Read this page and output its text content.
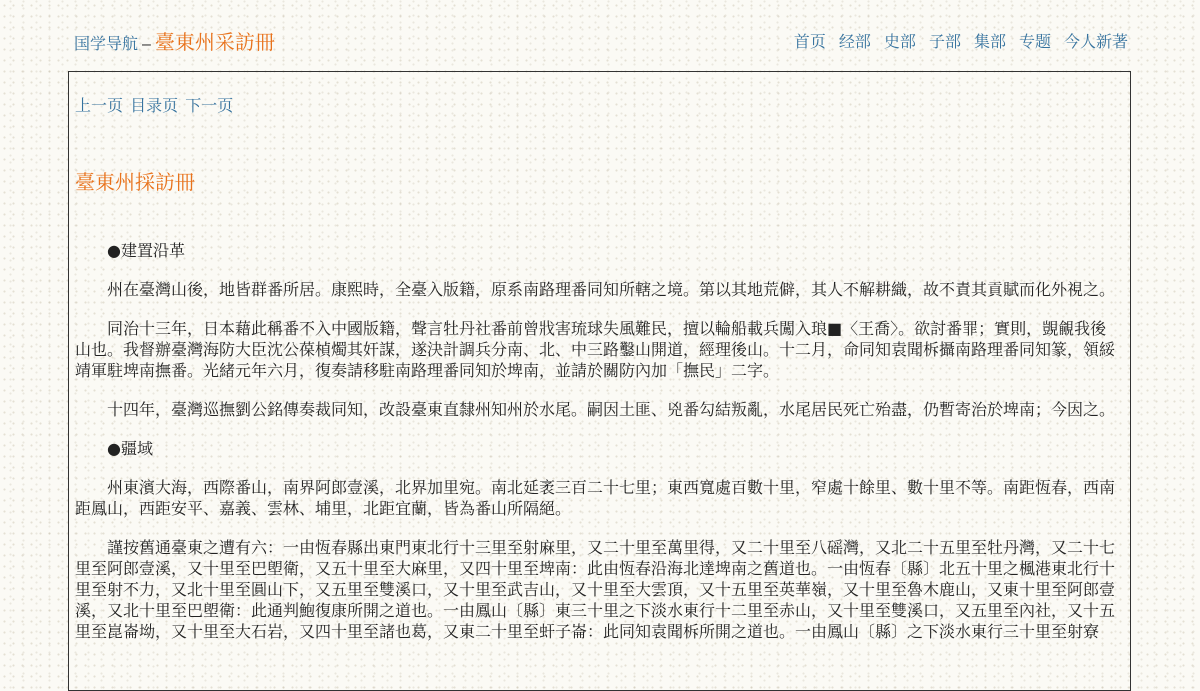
国学导航 – 臺東州采訪冊	首页 经部 史部 子部 集部 专题 今人新著
上一页 目录页 下一页
臺東州採訪冊

●建置沿革

州在臺灣山後，地皆群番所居。康熙時，全臺入版籍，原系南路理番同知所轄之境。第以其地荒僻，其人不解耕織，故不責其貢賦而化外視之。

同治十三年，日本藉此稱番不入中國版籍，聲言牡丹社番前曾戕害琉球失風難民，擅以輪船載兵闖入琅■〈王喬〉。欲討番罪；實則，覬覦我後山也。我督辦臺灣海防大臣沈公葆楨燭其奸謀，遂決計調兵分南、北、中三路鑿山開道，經理後山。十二月，命同知袁聞柝攝南路理番同知篆，領綏靖軍駐埤南撫番。光緒元年六月，復奏請移駐南路理番同知於埤南，並請於關防內加「撫民」二字。

十四年，臺灣巡撫劉公銘傳奏裁同知，改設臺東直隸州知州於水尾。嗣因土匪、兇番勾結叛亂，水尾居民死亡殆盡，仍暫寄治於埤南；今因之。

●疆域

州東濱大海，西際番山，南界阿郎壹溪，北界加里宛。南北延袤三百二十七里；東西寬處百數十里，窄處十餘里、數十里不等。南距恆春，西南距鳳山，西距安平、嘉義、雲林、埔里，北距宜蘭，皆為番山所隔絕。

謹按舊通臺東之遭有六：一由恆春縣出東門東北行十三里至射麻里，又二十里至萬里得，又二十里至八磘灣，又北二十五里至牡丹灣，又二十七里至阿郎壹溪，又十里至巴塱衛，又五十里至大麻里，又四十里至埤南：此由恆春沿海北達埤南之舊道也。一由恆春〔縣〕北五十里之楓港東北行十里至射不力，又北十里至圓山下，又五里至雙溪口，又十里至武吉山，又十里至大雲頂，又十五里至英華嶺，又十里至魯木鹿山，又東十里至阿郎壹溪，又北十里至巴塱衛：此通判鮑復康所開之道也。一由鳳山〔縣〕東三十里之下淡水東行十二里至赤山，又十里至雙溪口，又五里至內社，又十五里至崑崙坳，又十里至大石岩，又四十里至諸也葛，又東二十里至虷子崙：此同知袁聞柝所開之道也。一由鳳山〔縣〕之下淡水東行三十里至射寮
